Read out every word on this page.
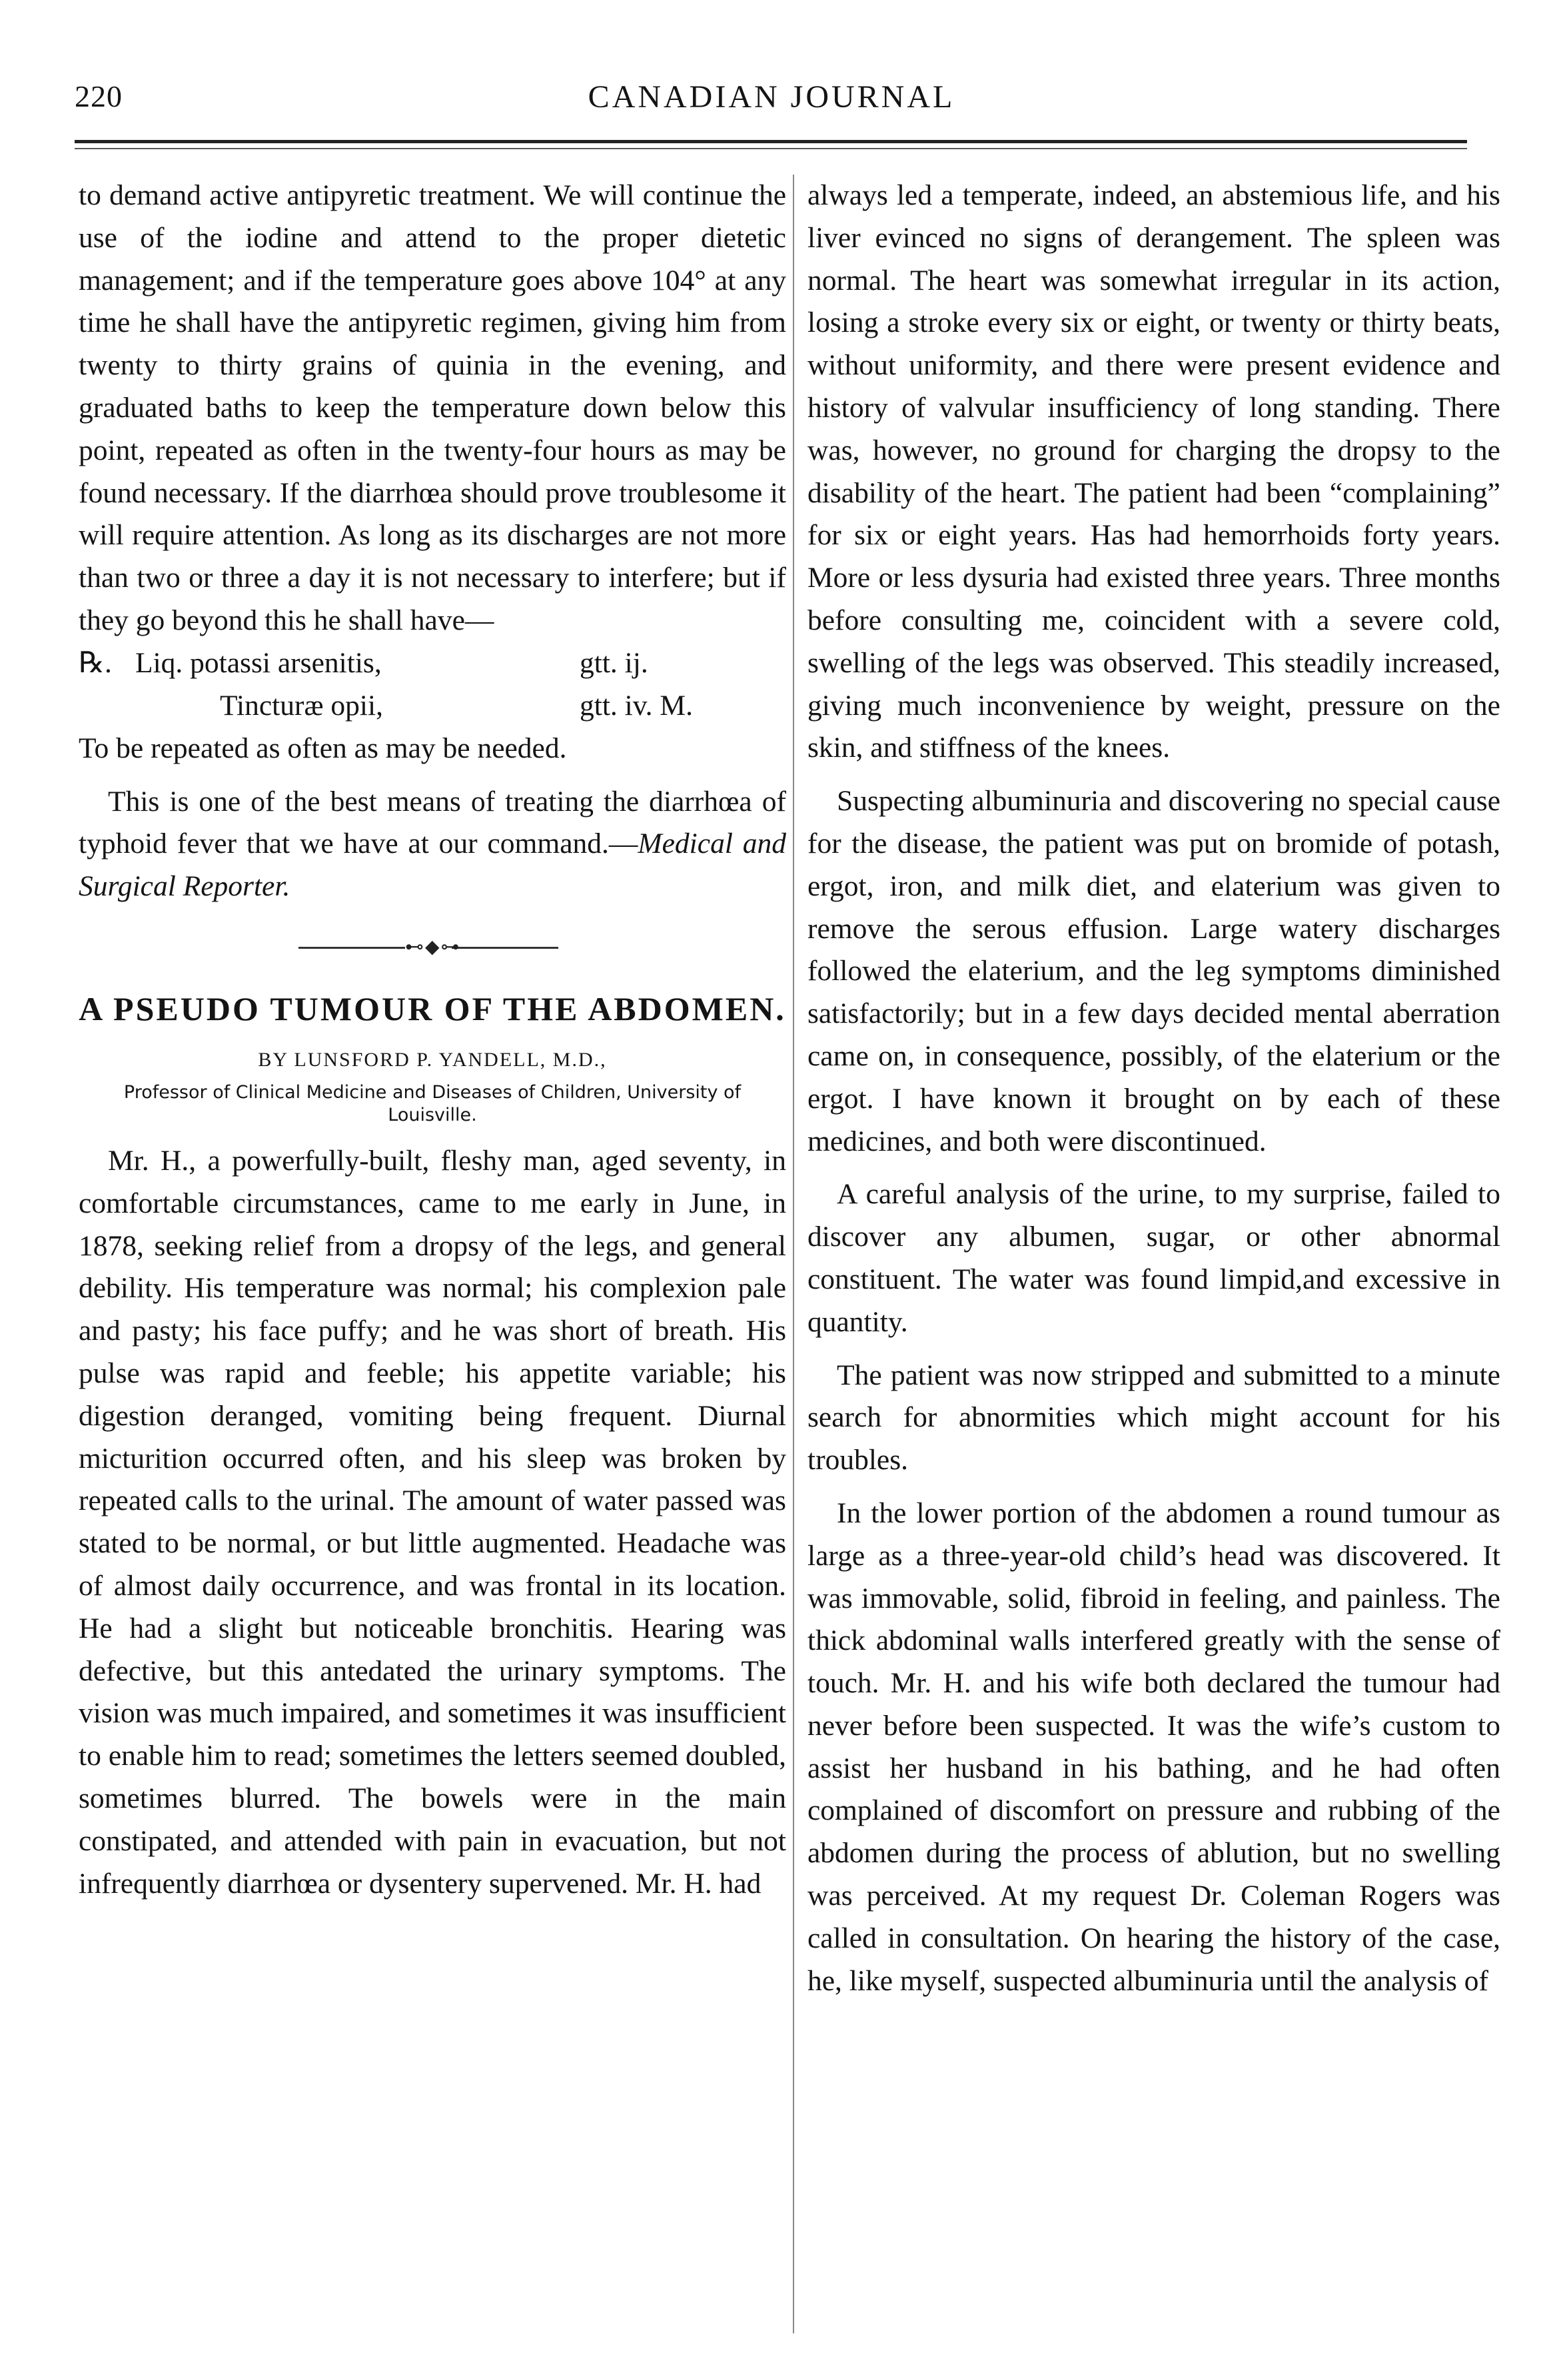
220	CANADIAN JOURNAL

to demand active antipyretic treatment. We will continue the use of the iodine and attend to the proper dietetic management; and if the temperature goes above 104° at any time he shall have the antipyretic regimen, giving him from twenty to thirty grains of quinia in the evening, and graduated baths to keep the temperature down below this point, repeated as often in the twenty-four hours as may be found necessary. If the diarrhœa should prove troublesome it will require attention. As long as its discharges are not more than two or three a day it is not necessary to interfere; but if they go beyond this he shall have—

℞. Liq. potassi arsenitis,	gtt. ij.
Tincturæ opii,	gtt. iv. M.

To be repeated as often as may be needed.

This is one of the best means of treating the diarrhœa of typhoid fever that we have at our command.—Medical and Surgical Reporter.

⊷◆⊶
A PSEUDO TUMOUR OF THE ABDOMEN.
BY LUNSFORD P. YANDELL, M.D.,
Professor of Clinical Medicine and Diseases of Children, University of Louisville.

Mr. H., a powerfully-built, fleshy man, aged seventy, in comfortable circumstances, came to me early in June, in 1878, seeking relief from a dropsy of the legs, and general debility. His temperature was normal; his complexion pale and pasty; his face puffy; and he was short of breath. His pulse was rapid and feeble; his appetite variable; his digestion deranged, vomiting being frequent. Diurnal micturition occurred often, and his sleep was broken by repeated calls to the urinal. The amount of water passed was stated to be normal, or but little augmented. Headache was of almost daily occurrence, and was frontal in its location. He had a slight but noticeable bronchitis. Hearing was defective, but this antedated the urinary symptoms. The vision was much impaired, and sometimes it was insufficient to enable him to read; sometimes the letters seemed doubled, sometimes blurred. The bowels were in the main constipated, and attended with pain in evacuation, but not infrequently diarrhœa or dysentery supervened. Mr. H. had

always led a temperate, indeed, an abstemious life, and his liver evinced no signs of derangement. The spleen was normal. The heart was somewhat irregular in its action, losing a stroke every six or eight, or twenty or thirty beats, without uniformity, and there were present evidence and history of valvular insufficiency of long standing. There was, however, no ground for charging the dropsy to the disability of the heart. The patient had been “complaining” for six or eight years. Has had hemorrhoids forty years. More or less dysuria had existed three years. Three months before consulting me, coincident with a severe cold, swelling of the legs was observed. This steadily increased, giving much inconvenience by weight, pressure on the skin, and stiffness of the knees.

Suspecting albuminuria and discovering no special cause for the disease, the patient was put on bromide of potash, ergot, iron, and milk diet, and elaterium was given to remove the serous effusion. Large watery discharges followed the elaterium, and the leg symptoms diminished satisfactorily; but in a few days decided mental aberration came on, in consequence, possibly, of the elaterium or the ergot. I have known it brought on by each of these medicines, and both were discontinued.

A careful analysis of the urine, to my surprise, failed to discover any albumen, sugar, or other abnormal constituent. The water was found limpid,and excessive in quantity.

The patient was now stripped and submitted to a minute search for abnormities which might account for his troubles.

In the lower portion of the abdomen a round tumour as large as a three-year-old child’s head was discovered. It was immovable, solid, fibroid in feeling, and painless. The thick abdominal walls interfered greatly with the sense of touch. Mr. H. and his wife both declared the tumour had never before been suspected. It was the wife’s custom to assist her husband in his bathing, and he had often complained of discomfort on pressure and rubbing of the abdomen during the process of ablution, but no swelling was perceived. At my request Dr. Coleman Rogers was called in consultation. On hearing the history of the case, he, like myself, suspected albuminuria until the analysis of
